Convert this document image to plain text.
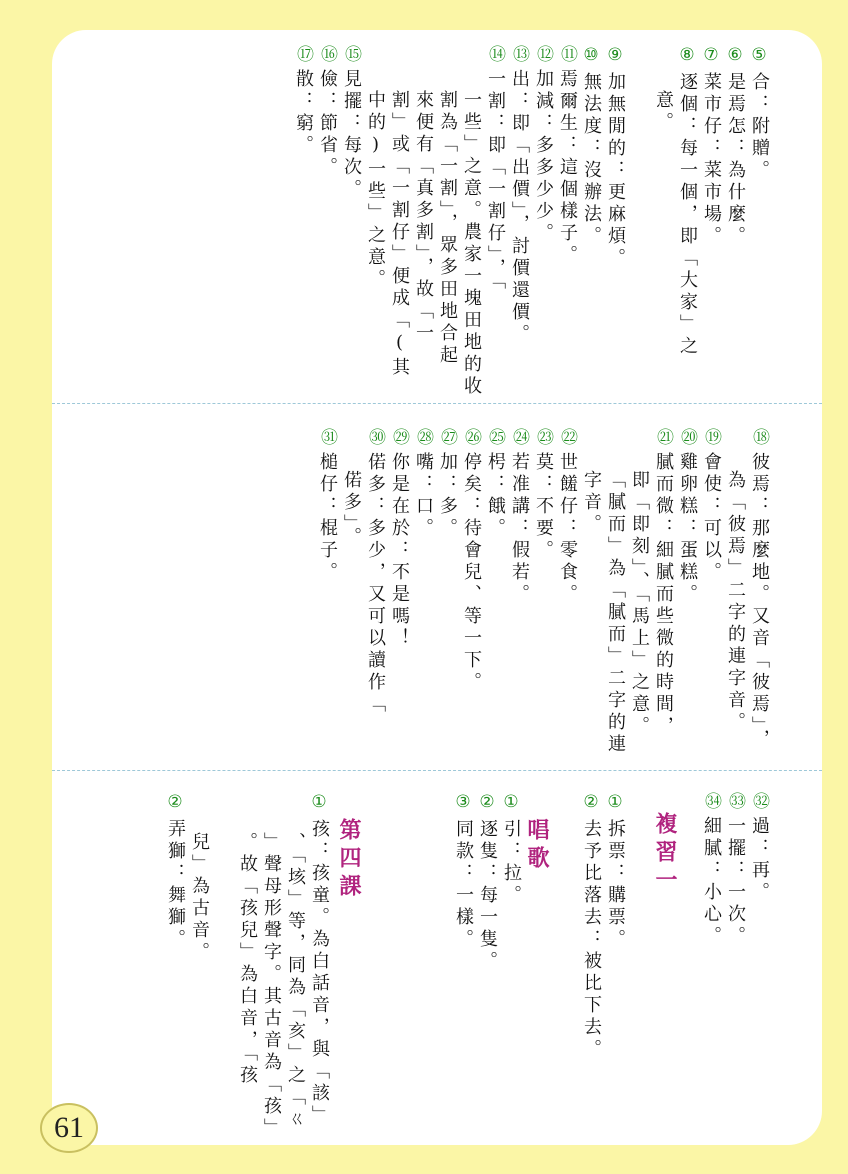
⑤合：附贈。
⑥是焉怎：為什麼。
⑦菜市仔：菜市場。
⑧逐個：每一個，即「大家」之
意。
⑨加無閒的：更麻煩。
⑩無法度：沒辦法。
⑪焉爾生：這個樣子。
⑫加減：多多少少。
⑬出：即「出價」，討價還價。
⑭一割：即「一割仔」，「
一些」之意。農家一塊田地的收
割為「一割」，眾多田地合起
來便有「真多割」，故「一
割」或「一割仔」便成「(其
中的)一些」之意。
⑮見擺：每次。
⑯儉：節省。
⑰散：窮。
⑱彼焉：那麼地。又音「彼焉」，
為「彼焉」二字的連字音。
⑲會使：可以。
⑳雞卵糕：蛋糕。
㉑膩而微：細膩而些微的時間，
即「即刻」、「馬上」之意。
「膩而」為「膩而」二字的連
字音。
㉒世饈仔：零食。
㉓莫：不要。
㉔若准講：假若。
㉕枵：餓。
㉖停矣：待會兒、等一下。
㉗加：多。
㉘嘴：口。
㉙你是在於：不是嗎！
㉚偌多：多少，又可以讀作「
偌多」。
㉛槌仔：棍子。
㉜過：再。
㉝一擺：一次。
㉞細膩：小心。
①拆票：購票。
②去予比落去：被比下去。
①引：拉。
②逐隻：每一隻。
③同款：一樣。
①孩：孩童。為白話音，與「該」
、「垓」等，同為「亥」之「ㄍ
」聲母形聲字。其古音為「孩」
。故「孩兒」為白音，「孩
兒」為古音。
②弄獅：舞獅。	複習一
唱歌
第四課
61
